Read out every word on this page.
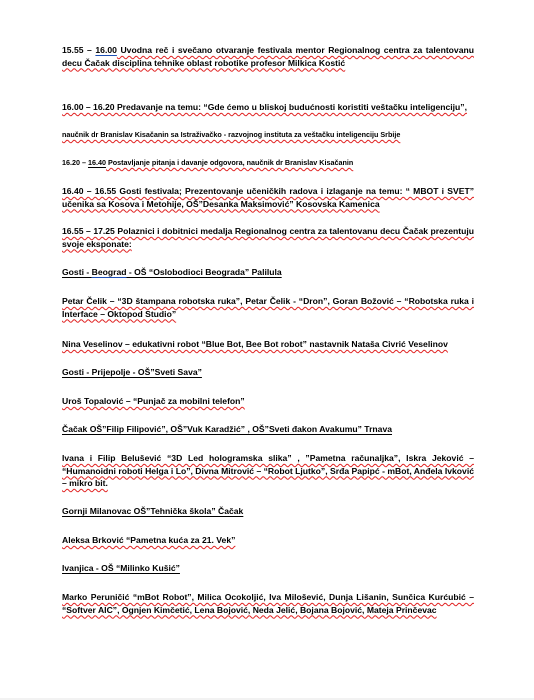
15.55 – 16.00 Uvodna reč i svečano otvaranje festivala mentor Regionalnog centra za talentovanu decu Čačak disciplina tehnike oblast robotike profesor Milkica Kostić

16.00 – 16.20 Predavanje na temu: “Gde ćemo u bliskoj budućnosti koristiti veštačku inteligenciju”,

naučnik dr Branislav Kisačanin sa Istraživačko - razvojnog instituta za veštačku inteligenciju Srbije

16.20 – 16.40 Postavljanje pitanja i davanje odgovora, naučnik dr Branislav Kisačanin

16.40 – 16.55 Gosti festivala; Prezentovanje učeničkih radova i izlaganje na temu: “ MBOT i SVET” učenika sa Kosova i Metohije, OŠ”Desanka Maksimović” Kosovska Kamenica

16.55 – 17.25 Polaznici i dobitnici medalja Regionalnog centra za talentovanu decu Čačak prezentuju svoje eksponate:

Gosti - Beograd - OŠ “Oslobodioci Beograda” Palilula

Petar Čelik – “3D štampana robotska ruka”, Petar Čelik - “Dron”, Goran Božović – “Robotska ruka i Interface – Oktopod Studio”

Nina Veselinov – edukativni robot “Blue Bot, Bee Bot robot” nastavnik Nataša Civrić Veselinov

Gosti - Prijepolje - OŠ”Sveti Sava”

Uroš Topalović – “Punjač za mobilni telefon”

Čačak OŠ”Filip Filipović”, OŠ”Vuk Karadžić” , OŠ”Sveti đakon Avakumu” Trnava

Ivana i Filip Belušević “3D Led hologramska slika” , ”Pametna računaljka”, Iskra Jeković – “Humanoidni roboti Helga i Lo”, Divna Mitrović – “Robot Ljutko”, Srđa Papipć - mBot, Anđela Ivković – mikro bit.

Gornji Milanovac OŠ”Tehnička škola” Čačak

Aleksa Brković “Pametna kuća za 21. Vek”

Ivanjica - OŠ “Milinko Kušić”

Marko Peruničić “mBot Robot”, Milica Ocokoljić, Iva Milošević, Dunja Lišanin, Sunčica Kurćubić – “Softver AIC”, Ognjen Kimčetić, Lena Bojović, Neda Jelić, Bojana Bojović, Mateja Prinčevac
